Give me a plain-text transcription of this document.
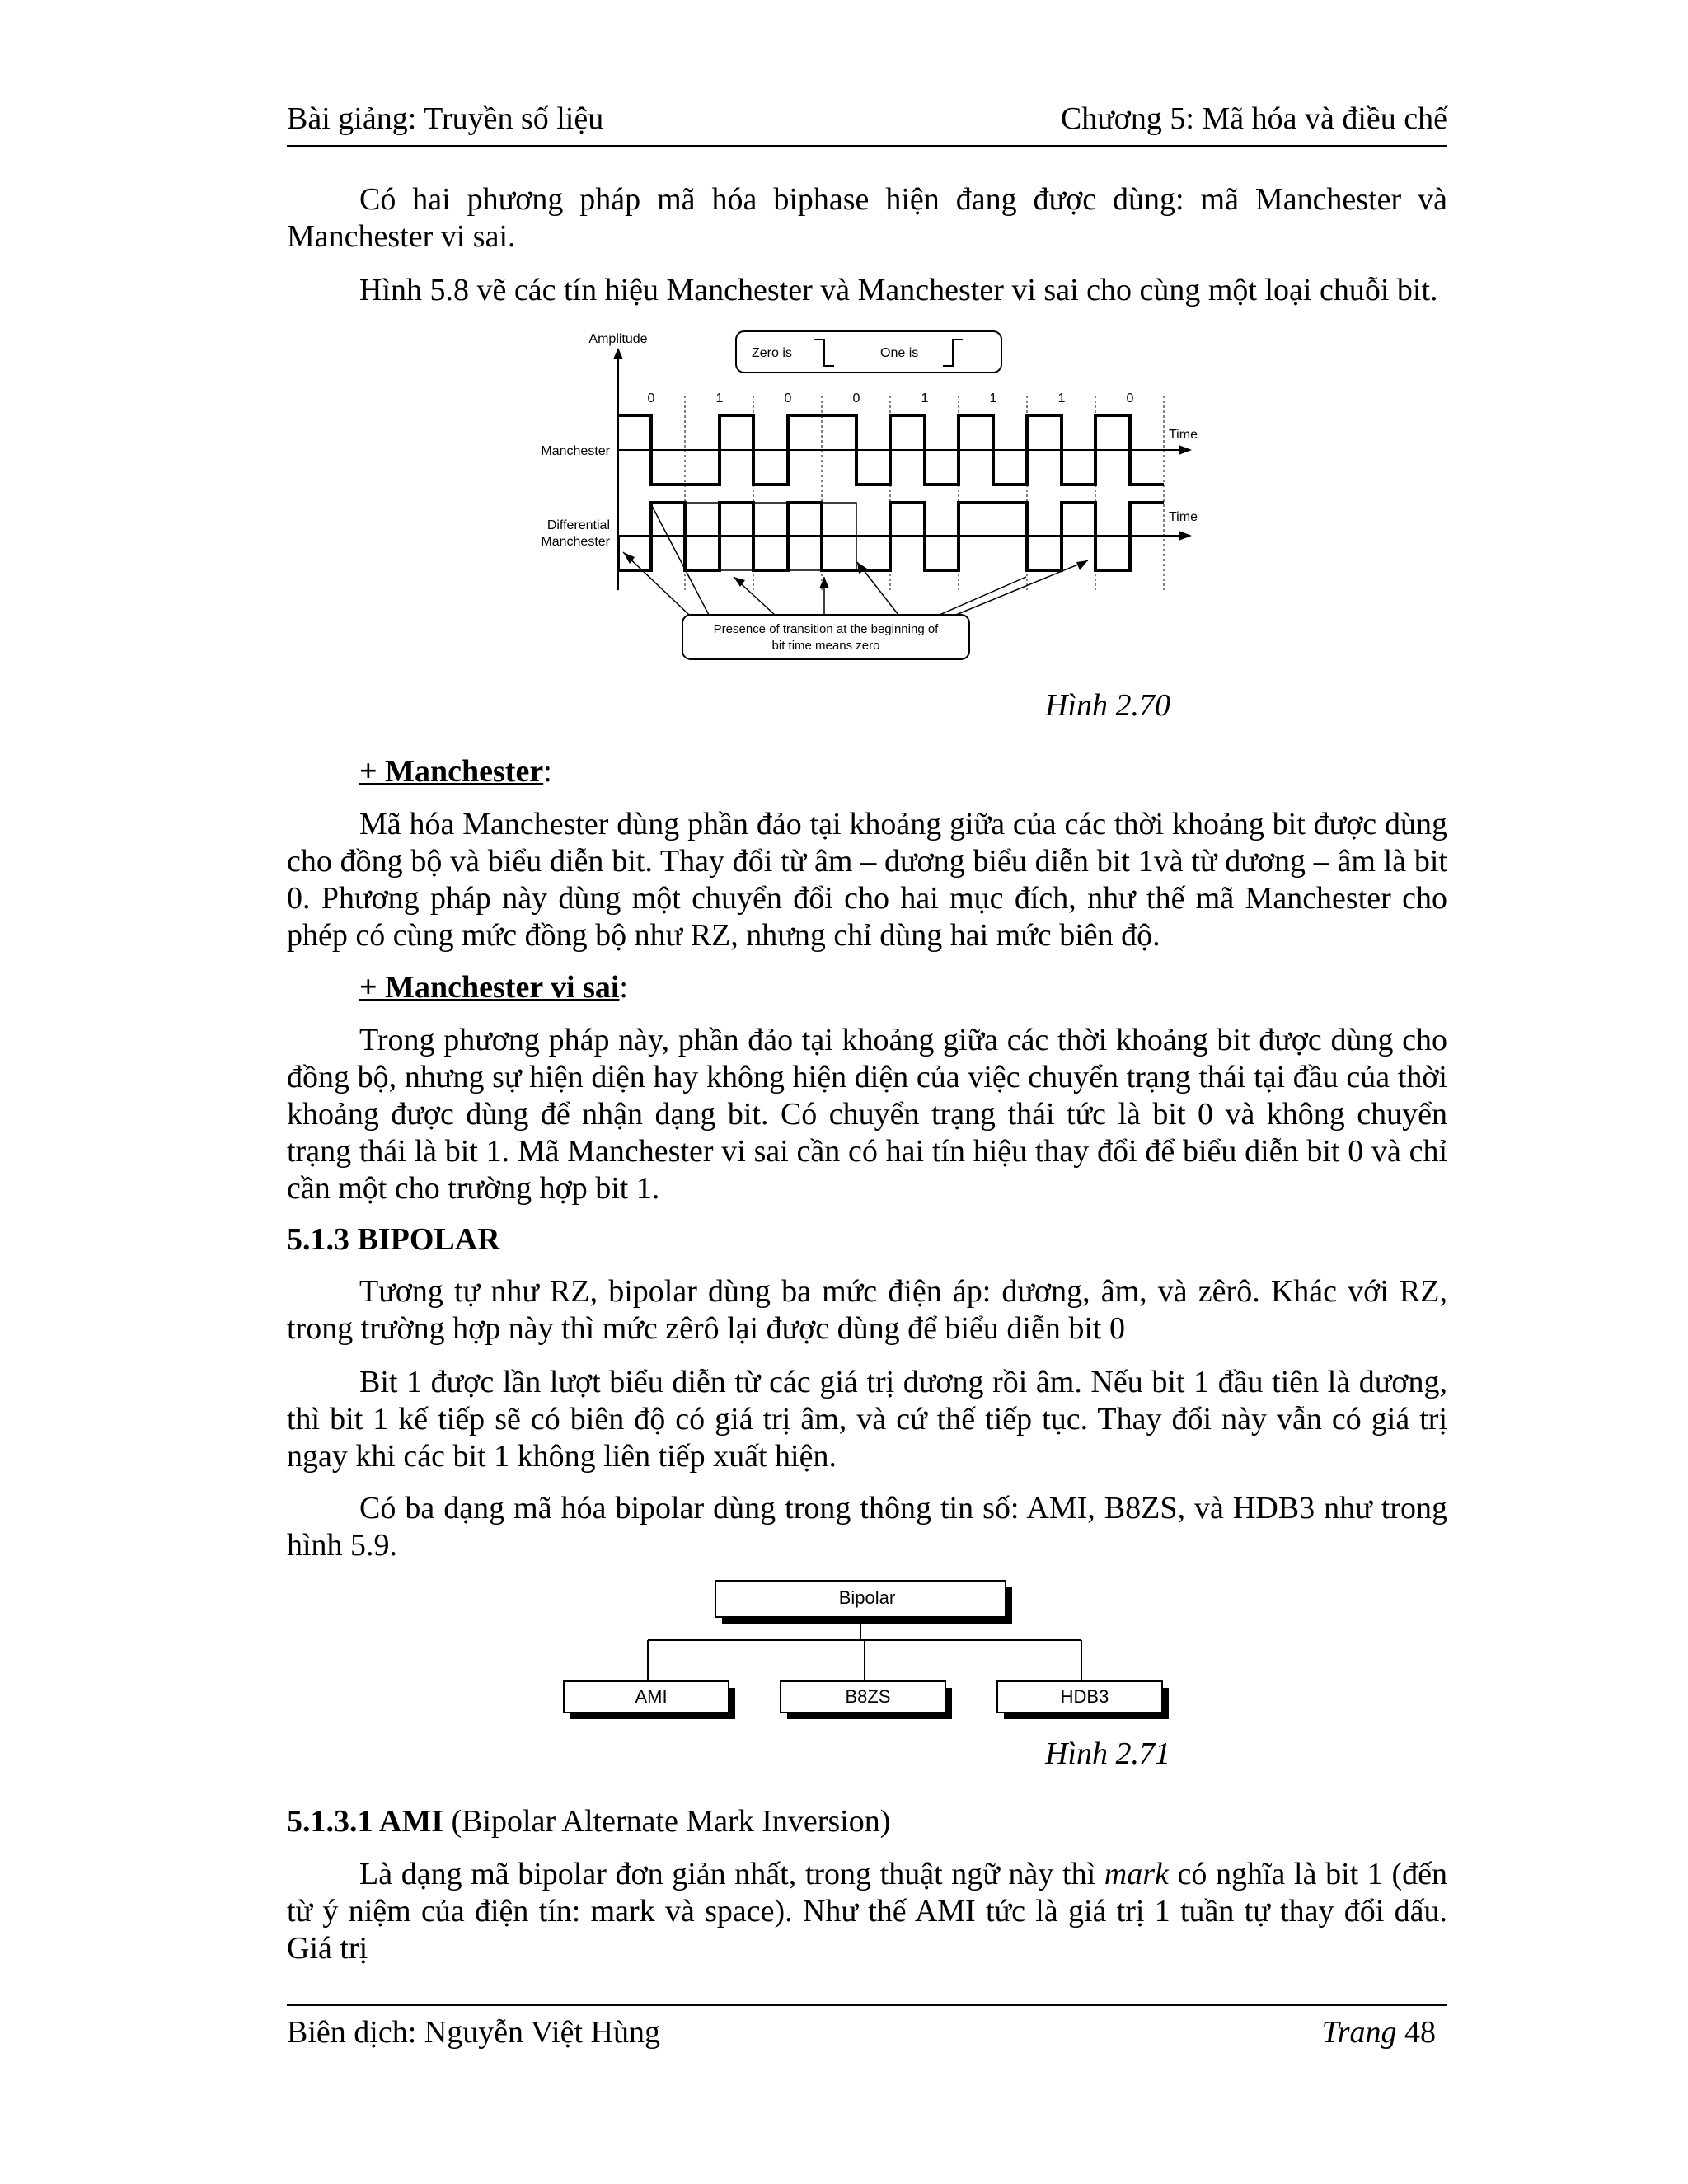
Bài giảng: Truyền số liệu	Chương 5: Mã hóa và điều chế

Có hai phương pháp mã hóa biphase hiện đang được dùng: mã Manchester và Manchester vi sai.

Hình 5.8 vẽ các tín hiệu Manchester và Manchester vi sai cho cùng một loại chuỗi bit.

Amplitude
Zero is	One is
0	1	0	0	1	1	1	0
Manchester
Time
Differential
Manchester
Time
Presence of transition at the beginning of
bit time means zero
Hình 2.70

+ Manchester:

Mã hóa Manchester dùng phần đảo tại khoảng giữa của các thời khoảng bit được dùng cho đồng bộ và biểu diễn bit. Thay đổi từ âm – dương biểu diễn bit 1và từ dương – âm là bit 0. Phương pháp này dùng một chuyển đổi cho hai mục đích, như thế mã Manchester cho phép có cùng mức đồng bộ như RZ, nhưng chỉ dùng hai mức biên độ.

+ Manchester vi sai:

Trong phương pháp này, phần đảo tại khoảng giữa các thời khoảng bit được dùng cho đồng bộ, nhưng sự hiện diện hay không hiện diện của việc chuyển trạng thái tại đầu của thời khoảng được dùng để nhận dạng bit. Có chuyển trạng thái tức là bit 0 và không chuyển trạng thái là bit 1. Mã Manchester vi sai cần có hai tín hiệu thay đổi để biểu diễn bit 0 và chỉ cần một cho trường hợp bit 1.

5.1.3 BIPOLAR

Tương tự như RZ, bipolar dùng ba mức điện áp: dương, âm, và zêrô. Khác với RZ, trong trường hợp này thì mức zêrô lại được dùng để biểu diễn bit 0

Bit 1 được lần lượt biểu diễn từ các giá trị dương rồi âm. Nếu bit 1 đầu tiên là dương, thì bit 1 kế tiếp sẽ có biên độ có giá trị âm, và cứ thế tiếp tục. Thay đổi này vẫn có giá trị ngay khi các bit 1 không liên tiếp xuất hiện.

Có ba dạng mã hóa bipolar dùng trong thông tin số: AMI, B8ZS, và HDB3 như trong hình 5.9.

Bipolar
AMI	B8ZS	HDB3
Hình 2.71

5.1.3.1 AMI (Bipolar Alternate Mark Inversion)

Là dạng mã bipolar đơn giản nhất, trong thuật ngữ này thì mark có nghĩa là bit 1 (đến từ ý niệm của điện tín: mark và space). Như thế AMI tức là giá trị 1 tuần tự thay đổi dấu. Giá trị

Biên dịch: Nguyễn Việt Hùng	Trang 48
